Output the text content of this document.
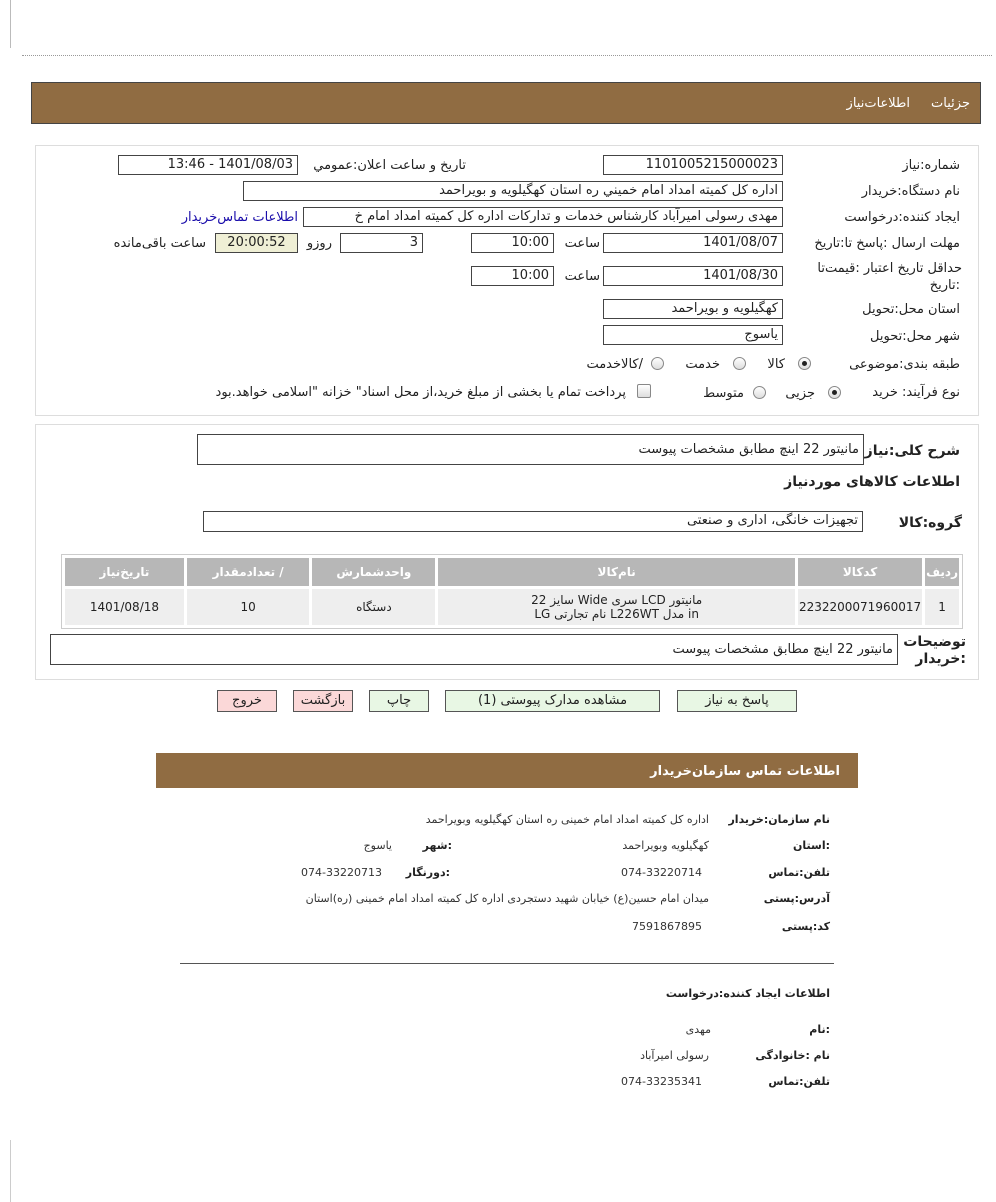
جزئیات
اطلاعات‌نیاز
شماره:نیاز
1101005215000023
تاریخ و ساعت اعلان:عمومي
1401/08/03 - 13:46
نام دستگاه:خریدار
اداره كل كميته امداد امام خميني ره استان كهگيلويه و بويراحمد
ایجاد کننده:درخواست
مهدی رسولی امیرآباد کارشناس خدمات و تدارکات اداره کل کمیته امداد امام خ
اطلاعات تماس‌خریدار
مهلت ارسال :پاسخ تا:تاریخ
1401/08/07
ساعت
10:00
3
روزو
20:00:52
ساعت باقی‌مانده
حداقل تاریخ اعتبار :قیمت‌تا
:تاریخ
1401/08/30
ساعت
10:00
استان محل:تحویل
کهگیلویه و بویراحمد
شهر محل:تحویل
یاسوج
طبقه بندی:موضوعی
کالا
خدمت
/کالاخدمت
نوع فرآیند: خرید
جزیی
متوسط
پرداخت تمام یا بخشی از مبلغ خرید،از محل اسناد" خزانه "اسلامی خواهد.بود
شرح کلی:نیاز
مانیتور 22 اینچ مطابق مشخصات پیوست
اطلاعات کالاهای موردنیاز
گروه:کالا
تجهیزات خانگی، اداری و صنعتی
ردیف	کدکالا	نام‌کالا	واحدشمارش	/ تعدادمقدار	تاریخ‌نیاز
1	2232200071960017	مانیتور LCD سری Wide سایز 22
in مدل L226WT نام تجارتی LG	دستگاه	10	1401/08/18
توضیحات
:خریدار
مانیتور 22 اینچ مطابق مشخصات پیوست
پاسخ به نیاز
مشاهده مدارک پیوستی (1)
چاپ
بازگشت
خروج
اطلاعات تماس سازمان‌خریدار
نام سازمان:خریدار
اداره کل کمیته امداد امام خمینی ره استان کهگیلویه وبویراحمد
:استان
کهگیلویه وبویراحمد
:شهر
یاسوج
تلفن:تماس
074-33220714
:دورنگار
074-33220713
آدرس:پستی
میدان امام حسین(ع) خیابان شهید دستجردی اداره کل کمیته امداد امام خمینی (ره)استان
کد:پستی
7591867895
اطلاعات ایجاد کننده:درخواست
:نام
مهدی
نام :خانوادگی
رسولی امیرآباد
تلفن:تماس
074-33235341
